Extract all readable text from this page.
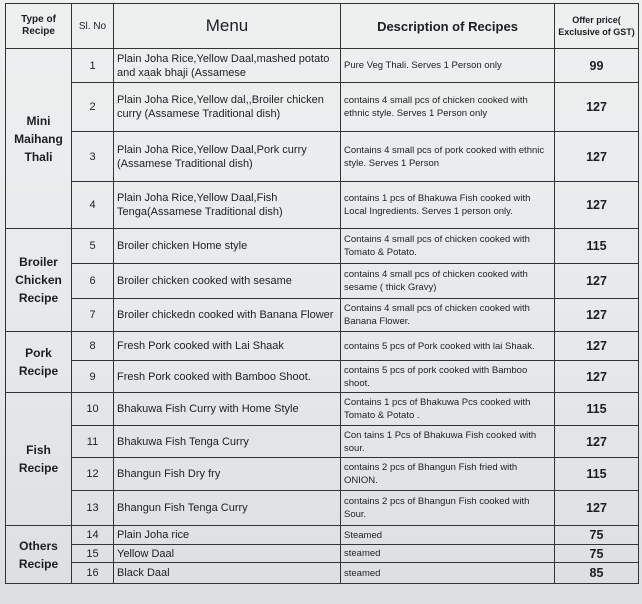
Type of Recipe	Sl. No	Menu	Description of Recipes	Offer price( Exclusive of GST)
Mini Maihang Thali	1	Plain Joha Rice,Yellow Daal,mashed potato and xaak bhaji (Assamese	Pure Veg Thali. Serves 1 Person only	99
	2	Plain Joha Rice,Yellow dal,,Broiler chicken curry (Assamese Traditional dish)	contains 4 small pcs of chicken cooked with ethnic style. Serves 1 Person only	127
	3	Plain Joha Rice,Yellow Daal,Pork curry (Assamese Traditional dish)	Contains 4 small pcs of pork cooked with ethnic style. Serves 1 Person	127
	4	Plain Joha Rice,Yellow Daal,Fish Tenga(Assamese Traditional dish)	contains 1 pcs of Bhakuwa Fish cooked with Local Ingredients. Serves 1 person only.	127
Broiler Chicken Recipe	5	Broiler chicken Home style	Contains 4 small pcs of chicken cooked with Tomato & Potato.	115
	6	Broiler chicken cooked with sesame	contains 4 small pcs of chicken cooked with sesame ( thick Gravy)	127
	7	Broiler chickedn cooked with Banana Flower	Contains 4 small pcs of chicken cooked with Banana Flower.	127
Pork Recipe	8	Fresh Pork cooked with Lai Shaak	contains 5 pcs of Pork cooked with lai Shaak.	127
	9	Fresh Pork cooked with Bamboo Shoot.	contains 5 pcs of pork cooked with Bamboo shoot.	127
Fish Recipe	10	Bhakuwa Fish Curry with Home Style	Contains 1 pcs of Bhakuwa Pcs cooked with Tomato & Potato .	115
	11	Bhakuwa Fish Tenga Curry	Con tains 1 Pcs of Bhakuwa Fish cooked with sour.	127
	12	Bhangun Fish Dry fry	contains 2 pcs of Bhangun Fish fried with ONION.	115
	13	Bhangun Fish Tenga Curry	contains 2 pcs of Bhangun Fish cooked with Sour.	127
Others Recipe	14	Plain Joha rice	Steamed	75
	15	Yellow Daal	steamed	75
	16	Black Daal	steamed	85
